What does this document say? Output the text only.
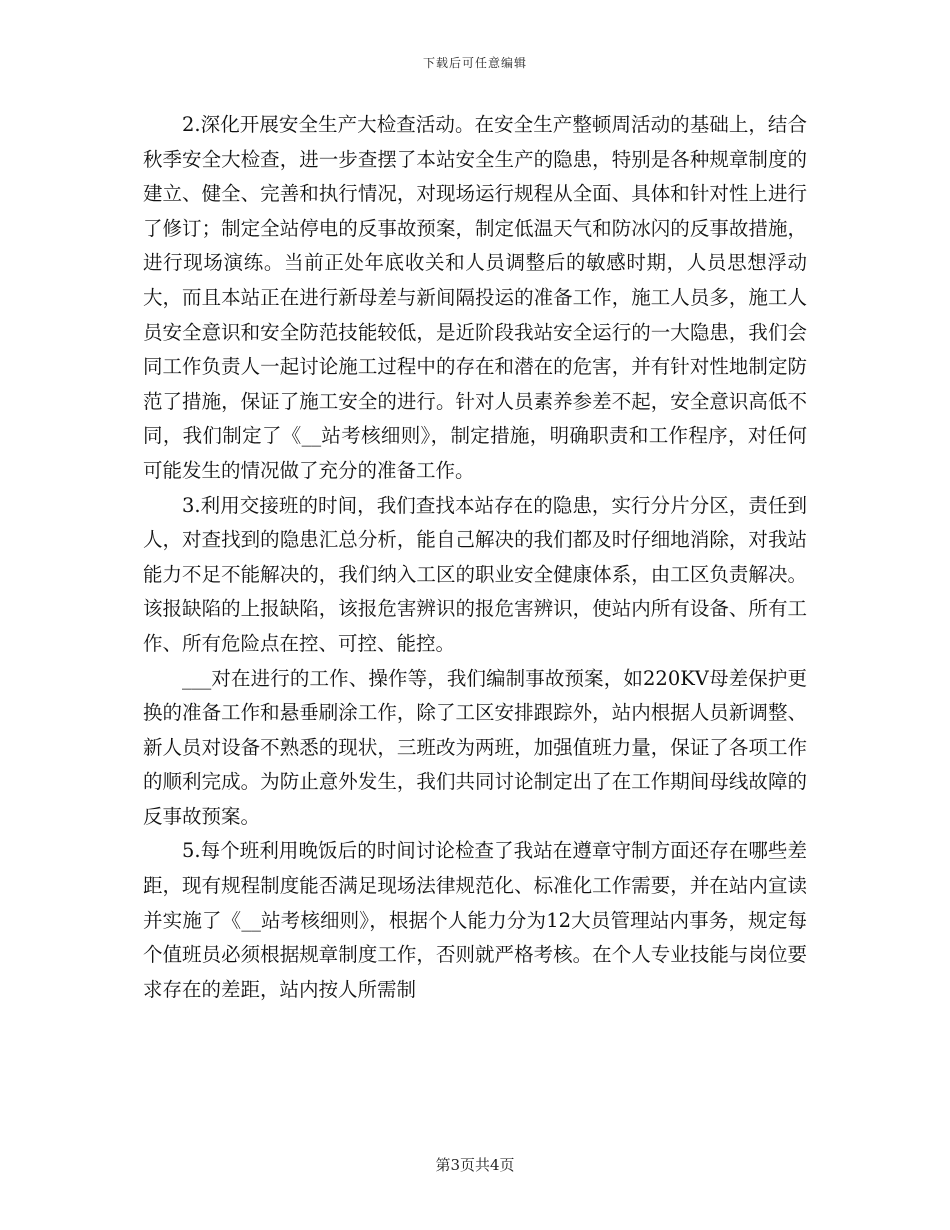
下载后可任意编辑

2.深化开展安全生产大检查活动。在安全生产整顿周活动的基础上，结合秋季安全大检查，进一步查摆了本站安全生产的隐患，特别是各种规章制度的建立、健全、完善和执行情况，对现场运行规程从全面、具体和针对性上进行了修订；制定全站停电的反事故预案，制定低温天气和防冰闪的反事故措施，进行现场演练。当前正处年底收关和人员调整后的敏感时期，人员思想浮动大，而且本站正在进行新母差与新间隔投运的准备工作，施工人员多，施工人员安全意识和安全防范技能较低，是近阶段我站安全运行的一大隐患，我们会同工作负责人一起讨论施工过程中的存在和潜在的危害，并有针对性地制定防范了措施，保证了施工安全的进行。针对人员素养参差不起，安全意识高低不同，我们制定了《__站考核细则》，制定措施，明确职责和工作程序，对任何可能发生的情况做了充分的准备工作。

3.利用交接班的时间，我们查找本站存在的隐患，实行分片分区，责任到人，对查找到的隐患汇总分析，能自己解决的我们都及时仔细地消除，对我站能力不足不能解决的，我们纳入工区的职业安全健康体系，由工区负责解决。该报缺陷的上报缺陷，该报危害辨识的报危害辨识，使站内所有设备、所有工作、所有危险点在控、可控、能控。

___对在进行的工作、操作等，我们编制事故预案，如220KV母差保护更换的准备工作和悬垂刷涂工作，除了工区安排跟踪外，站内根据人员新调整、新人员对设备不熟悉的现状，三班改为两班，加强值班力量，保证了各项工作的顺利完成。为防止意外发生，我们共同讨论制定出了在工作期间母线故障的反事故预案。

5.每个班利用晚饭后的时间讨论检查了我站在遵章守制方面还存在哪些差距，现有规程制度能否满足现场法律规范化、标准化工作需要，并在站内宣读并实施了《__站考核细则》，根据个人能力分为12大员管理站内事务，规定每个值班员必须根据规章制度工作，否则就严格考核。在个人专业技能与岗位要求存在的差距，站内按人所需制

第3页共4页
